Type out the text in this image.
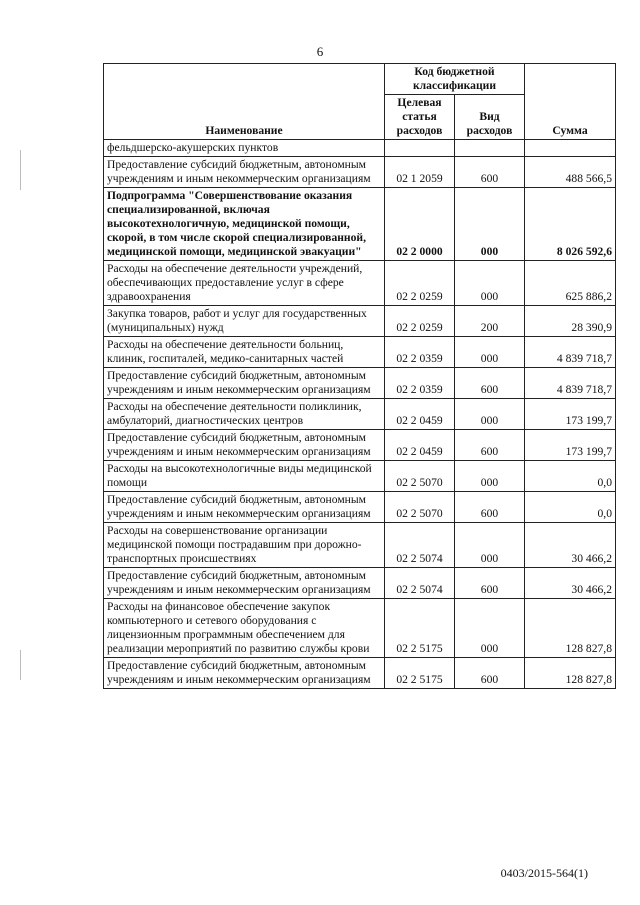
6
Наименование	Код бюджетной классификации		Сумма
	Целевая статья расходов	Вид расходов	
фельдшерско-акушерских пунктов			
Предоставление субсидий бюджетным, автономным учреждениям и иным некоммерческим организациям	02 1 2059	600	488 566,5
Подпрограмма "Совершенствование оказания специализированной, включая высокотехнологичную, медицинской помощи, скорой, в том числе скорой специализированной, медицинской помощи, медицинской эвакуации"	02 2 0000	000	8 026 592,6
Расходы на обеспечение деятельности учреждений, обеспечивающих предоставление услуг в сфере здравоохранения	02 2 0259	000	625 886,2
Закупка товаров, работ и услуг для государственных (муниципальных) нужд	02 2 0259	200	28 390,9
Расходы на обеспечение деятельности больниц, клиник, госпиталей, медико-санитарных частей	02 2 0359	000	4 839 718,7
Предоставление субсидий бюджетным, автономным учреждениям и иным некоммерческим организациям	02 2 0359	600	4 839 718,7
Расходы на обеспечение деятельности поликлиник, амбулаторий, диагностических центров	02 2 0459	000	173 199,7
Предоставление субсидий бюджетным, автономным учреждениям и иным некоммерческим организациям	02 2 0459	600	173 199,7
Расходы на высокотехнологичные виды медицинской помощи	02 2 5070	000	0,0
Предоставление субсидий бюджетным, автономным учреждениям и иным некоммерческим организациям	02 2 5070	600	0,0
Расходы на совершенствование организации медицинской помощи пострадавшим при дорожно-транспортных происшествиях	02 2 5074	000	30 466,2
Предоставление субсидий бюджетным, автономным учреждениям и иным некоммерческим организациям	02 2 5074	600	30 466,2
Расходы на финансовое обеспечение закупок компьютерного и сетевого оборудования с лицензионным программным обеспечением для реализации мероприятий по развитию службы крови	02 2 5175	000	128 827,8
Предоставление субсидий бюджетным, автономным учреждениям и иным некоммерческим организациям	02 2 5175	600	128 827,8
0403/2015-564(1)
